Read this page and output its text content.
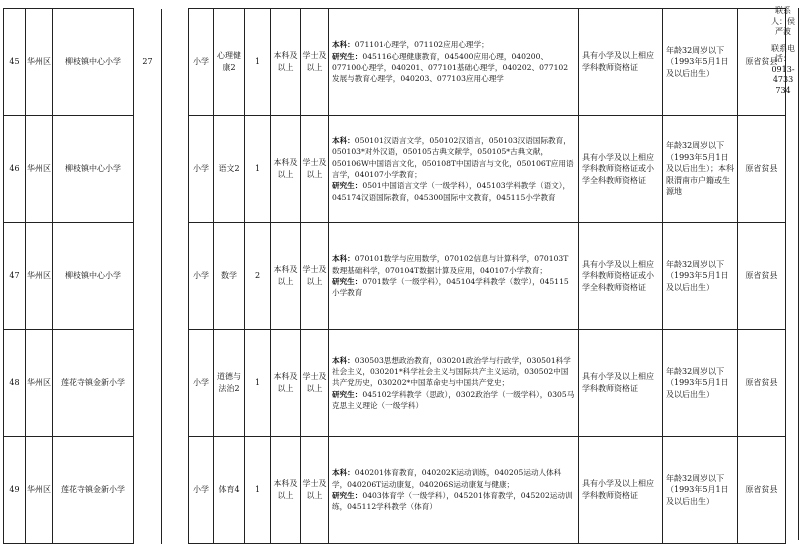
45	华州区	柳枝镇中心小学	27		小学	心理健康2	1	本科及以上	学士及以上	本科：071101心理学，071102应用心理学；
研究生：045116心理健康教育，045400应用心理，040200、077100心理学，040201、077101基础心理学，040202、077102发展与教育心理学，040203、077103应用心理学	具有小学及以上相应学科教师资格证	年龄32周岁以下（1993年5月1日及以后出生）	原省贫县
46	华州区	柳枝镇中心小学			小学	语文2	1	本科及以上	学士及以上	本科：050101汉语言文学，050102汉语言，050103汉语国际教育，050103*对外汉语，050105古典文献学，050105*古典文献，050106W中国语言文化，050108T中国语言与文化，050106T应用语言学，040107小学教育；
研究生：0501中国语言文学（一级学科），045103学科教学（语文），045174汉语国际教育，045300国际中文教育，045115小学教育	具有小学及以上相应学科教师资格证或小学全科教师资格证	年龄32周岁以下（1993年5月1日及以后出生）；本科限渭南市户籍或生源地	原省贫县
47	华州区	柳枝镇中心小学			小学	数学	2	本科及以上	学士及以上	本科：070101数学与应用数学，070102信息与计算科学，070103T数理基础科学，070104T数据计算及应用，040107小学教育；
研究生：0701数学（一级学科），045104学科教学（数学），045115小学教育	具有小学及以上相应学科教师资格证或小学全科教师资格证	年龄32周岁以下（1993年5月1日及以后出生）	原省贫县
48	华州区	莲花寺镇金新小学			小学	道德与法治2	1	本科及以上	学士及以上	本科：030503思想政治教育，030201政治学与行政学，030501科学社会主义，030201*科学社会主义与国际共产主义运动，030502中国共产党历史，030202*中国革命史与中国共产党史；
研究生：045102学科教学（思政），0302政治学（一级学科），0305马克思主义理论（一级学科）	具有小学及以上相应学科教师资格证	年龄32周岁以下（1993年5月1日及以后出生）	原省贫县
49	华州区	莲花寺镇金新小学			小学	体育4	1	本科及以上	学士及以上	本科：040201体育教育，040202K运动训练，040205运动人体科学，040206T运动康复，040206S运动康复与健康；
研究生：0403体育学（一级学科），045201体育教学，045202运动训练，045112学科教学（体育）	具有小学及以上相应学科教师资格证	年龄32周岁以下（1993年5月1日及以后出生）	原省贫县
联系人：侯严波
联系电话：
0913-4733734
